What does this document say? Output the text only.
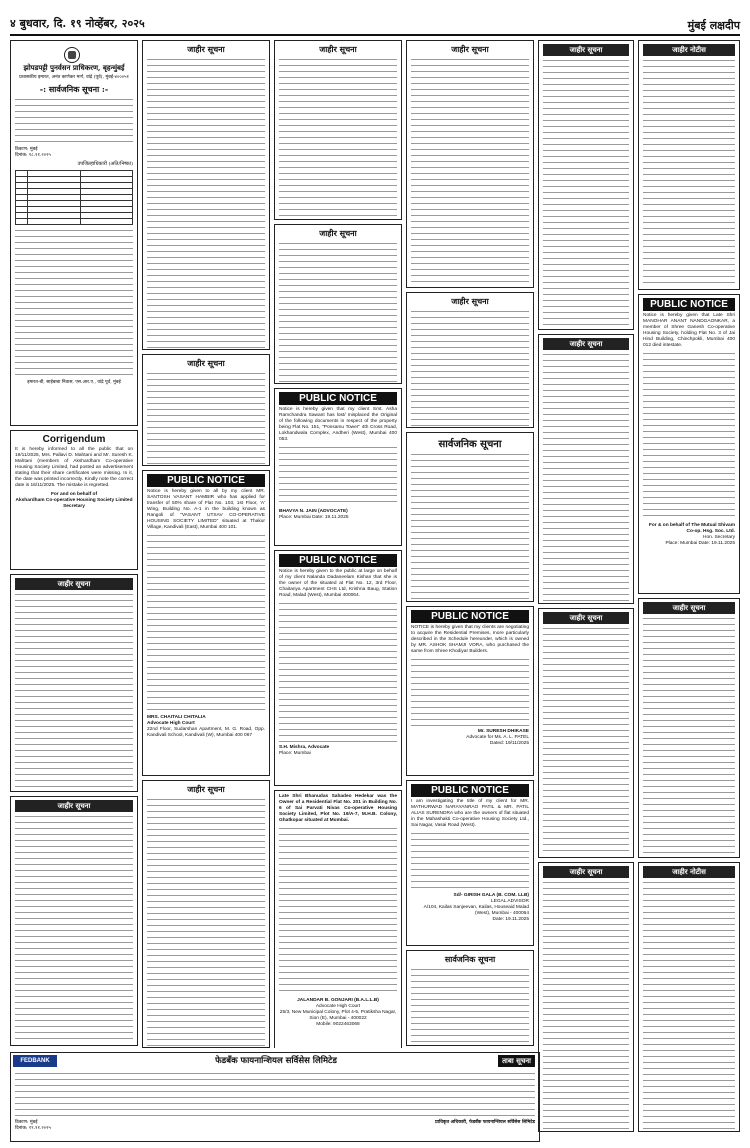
४ बुधवार, दि. १९ नोव्हेंबर, २०२५	मुंबई लक्षदीप
झोपडपट्टी पुनर्वसन प्राधिकरण, बृहन्मुंबई
प्रशासकीय इमारत, अनंत काणेकर मार्ग, वांद्रे (पूर्व), मुंबई-४०००५१
-: सार्वजनिक सूचना :-
ठिकाण: मुंबई
दिनांक: १८.११.२०२५
उपजिल्हाधिकारी (अति/निष्का)

इमारत-बी, साईबाबा निवास, एस.आर.ए., वांद्रे पूर्व, मुंबई
Corrigendum
It is hereby informed to all the public that on 19/11/2025, Mrs. Pallavi D. Mahtani and Mr. Suresh K. Mahtani (members of Akshardham Co-operative Housing Society Limited, had posted an advertisement stating that their share certificates were missing. In it, the date was printed incorrectly. Kindly note the correct date is 16/11/2025. The mistake is regretted.
For and on behalf of
Akshardham Co-operative Housing Society Limited
Secretary
जाहीर सूचना
जाहीर सूचना
जाहीर सूचना
जाहीर सूचना
PUBLIC NOTICE
Notice is hereby given to all by my client MR. SANTOSH VASANT HAMBIR who has applied for transfer of 50% share of Flat No. 103, 1st Floor, 'A' Wing, Building No. A-1 in the building known as Rangoli of "VASANT UTSAV CO-OPERATIVE HOUSING SOCIETY LIMITED" situated at Thakur Village, Kandivali (East), Mumbai 400 101.
MRS. CHAITALI CHITALIA
Advocate High Court
22nd Floor, Sudarshan Apartment, M. G. Road, Opp. Kandivali School, Kandivali (W), Mumbai 400 067
जाहीर सूचना
जाहीर सूचना
जाहीर सूचना
PUBLIC NOTICE
Notice is hereby given that my client Smt. Asha Ramchandra Sawant has lost/ misplaced the Original of the following documents in respect of the property being Flat No. 151, "Ponsamu Tower" 4th Cross Road, Lokhandwala Complex, Andheri (West), Mumbai 400 053.
BHAVYA N. JAIN (ADVOCATE)
Place: Mumbai Date: 19.11.2025
PUBLIC NOTICE
Notice is hereby given to the public at large on behalf of my client Nalanda Dadaneelam Kishan that she is the owner of the situated at Flat No. 12, 3rd Floor, Chaitanya Apartment CHS Ltd, Krishna Baug, Station Road, Malad (West), Mumbai 400064.
S.H. Mishra, Advocate
Place: Mumbai
Late Shri Bhanudas Sahadeo Hedekar was the Owner of a Residential Flat No. 201 in Building No. 6 of Sai Parvati Nivas Co-operative Housing Society Limited, Plot No. 19/A-7, M.H.B. Colony, Ghatkopar situated at Mumbai.
JALANDAR B. GONJARI (B.A.L.L.B)
Advocate High Court
25/3, New Municipal Colony, Plot 4-5, Pratiksha Nagar, Sion (E), Mumbai - 400022
Mobile: 9022463068
जाहीर सूचना
जाहीर सूचना
सार्वजनिक सूचना
PUBLIC NOTICE
NOTICE is hereby given that my clients are negotiating to acquire the Residential Premises, more particularly described in the Schedule hereunder, which is owned by MR. ASHOK SHAMJI VORA, who purchased the same from Shree Khodiyar Builders.
Mr. SURESH DHIKASE
Advocate for Ms. A. L. PATEL
Dated: 19/11/2025
PUBLIC NOTICE
I am investigating the title of my client for MR. MATHURWAD NARAYANRAO PATIL & MR. PATIL ALIAS SURENDRA who are the owners of flat situated in the Mahashakti Co-operative Housing Society Ltd., Sai Nagar, Vasai Road (West).
Sd/- GIRISH GALA (B. COM. LLB)
LEGAL ADVISOR
A/104, Kailas Sanjeevan, Kailas, Houseaid Malad (West), Mumbai - 400064
Date: 19.11.2025
सार्वजनिक सूचना
जाहीर सूचना
जाहीर सूचना
जाहीर सूचना
जाहीर सूचना
जाहीर नोटीस
PUBLIC NOTICE
Notice is hereby given that Late Shri MANOHAR ANANT NANDGAONKAR, a member of Shree Ganesh Co-operative Housing Society, holding Flat No. 3 of Jai Hind Building, Chinchpokli, Mumbai 400 012 died intestate.
For & on behalf of The Mutual Shivam Co-op. Hsg. Soc. Ltd.
Hon. Secretary
Place: Mumbai Date: 19.11.2025
जाहीर सूचना
जाहीर नोटीस
FEDBANK	फेडबँक फायनान्शियल सर्विसेस लिमिटेड	ताबा सूचना
ठिकाण: मुंबई
दिनांक: १९.११.२०२५
प्राधिकृत अधिकारी, फेडबँक फायनान्शियल सर्विसेस लिमिटेड
